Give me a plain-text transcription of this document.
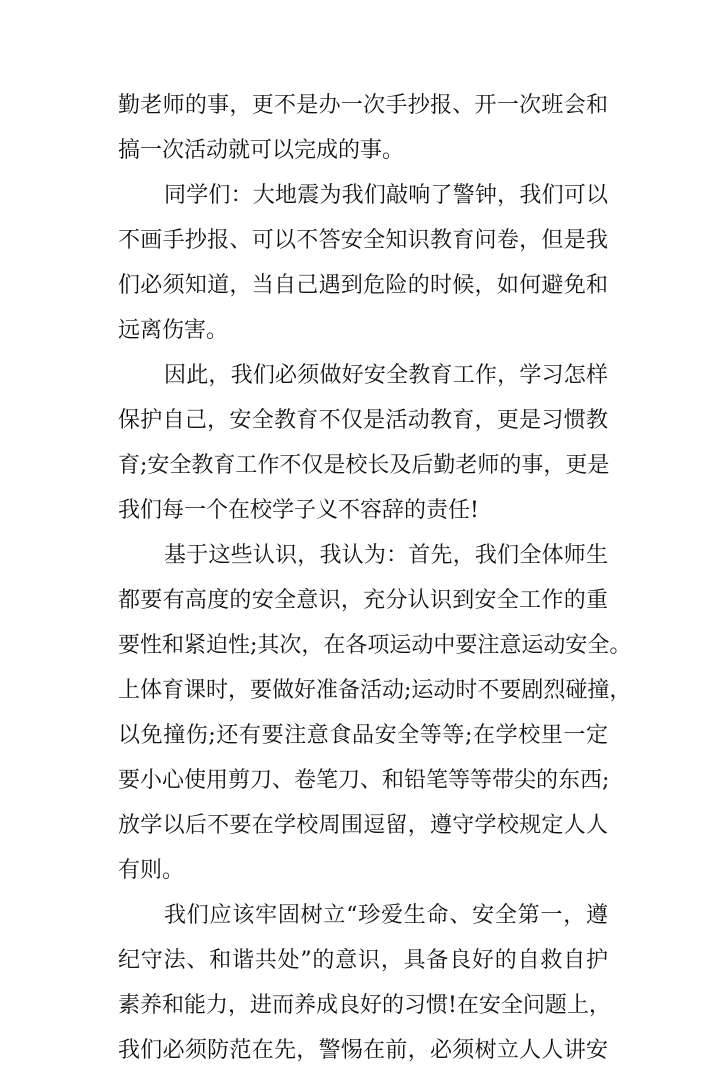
勤老师的事，更不是办一次手抄报、开一次班会和
搞一次活动就可以完成的事。
同学们：大地震为我们敲响了警钟，我们可以
不画手抄报、可以不答安全知识教育问卷，但是我
们必须知道，当自己遇到危险的时候，如何避免和
远离伤害。
因此，我们必须做好安全教育工作，学习怎样
保护自己，安全教育不仅是活动教育，更是习惯教
育;安全教育工作不仅是校长及后勤老师的事，更是
我们每一个在校学子义不容辞的责任!
基于这些认识，我认为：首先，我们全体师生
都要有高度的安全意识，充分认识到安全工作的重
要性和紧迫性;其次，在各项运动中要注意运动安全。
上体育课时，要做好准备活动;运动时不要剧烈碰撞，
以免撞伤;还有要注意食品安全等等;在学校里一定
要小心使用剪刀、卷笔刀、和铅笔等等带尖的东西;
放学以后不要在学校周围逗留，遵守学校规定人人
有则。
我们应该牢固树立“珍爱生命、安全第一，遵
纪守法、和谐共处”的意识，具备良好的自救自护
素养和能力，进而养成良好的习惯!在安全问题上，
我们必须防范在先，警惕在前，必须树立人人讲安
